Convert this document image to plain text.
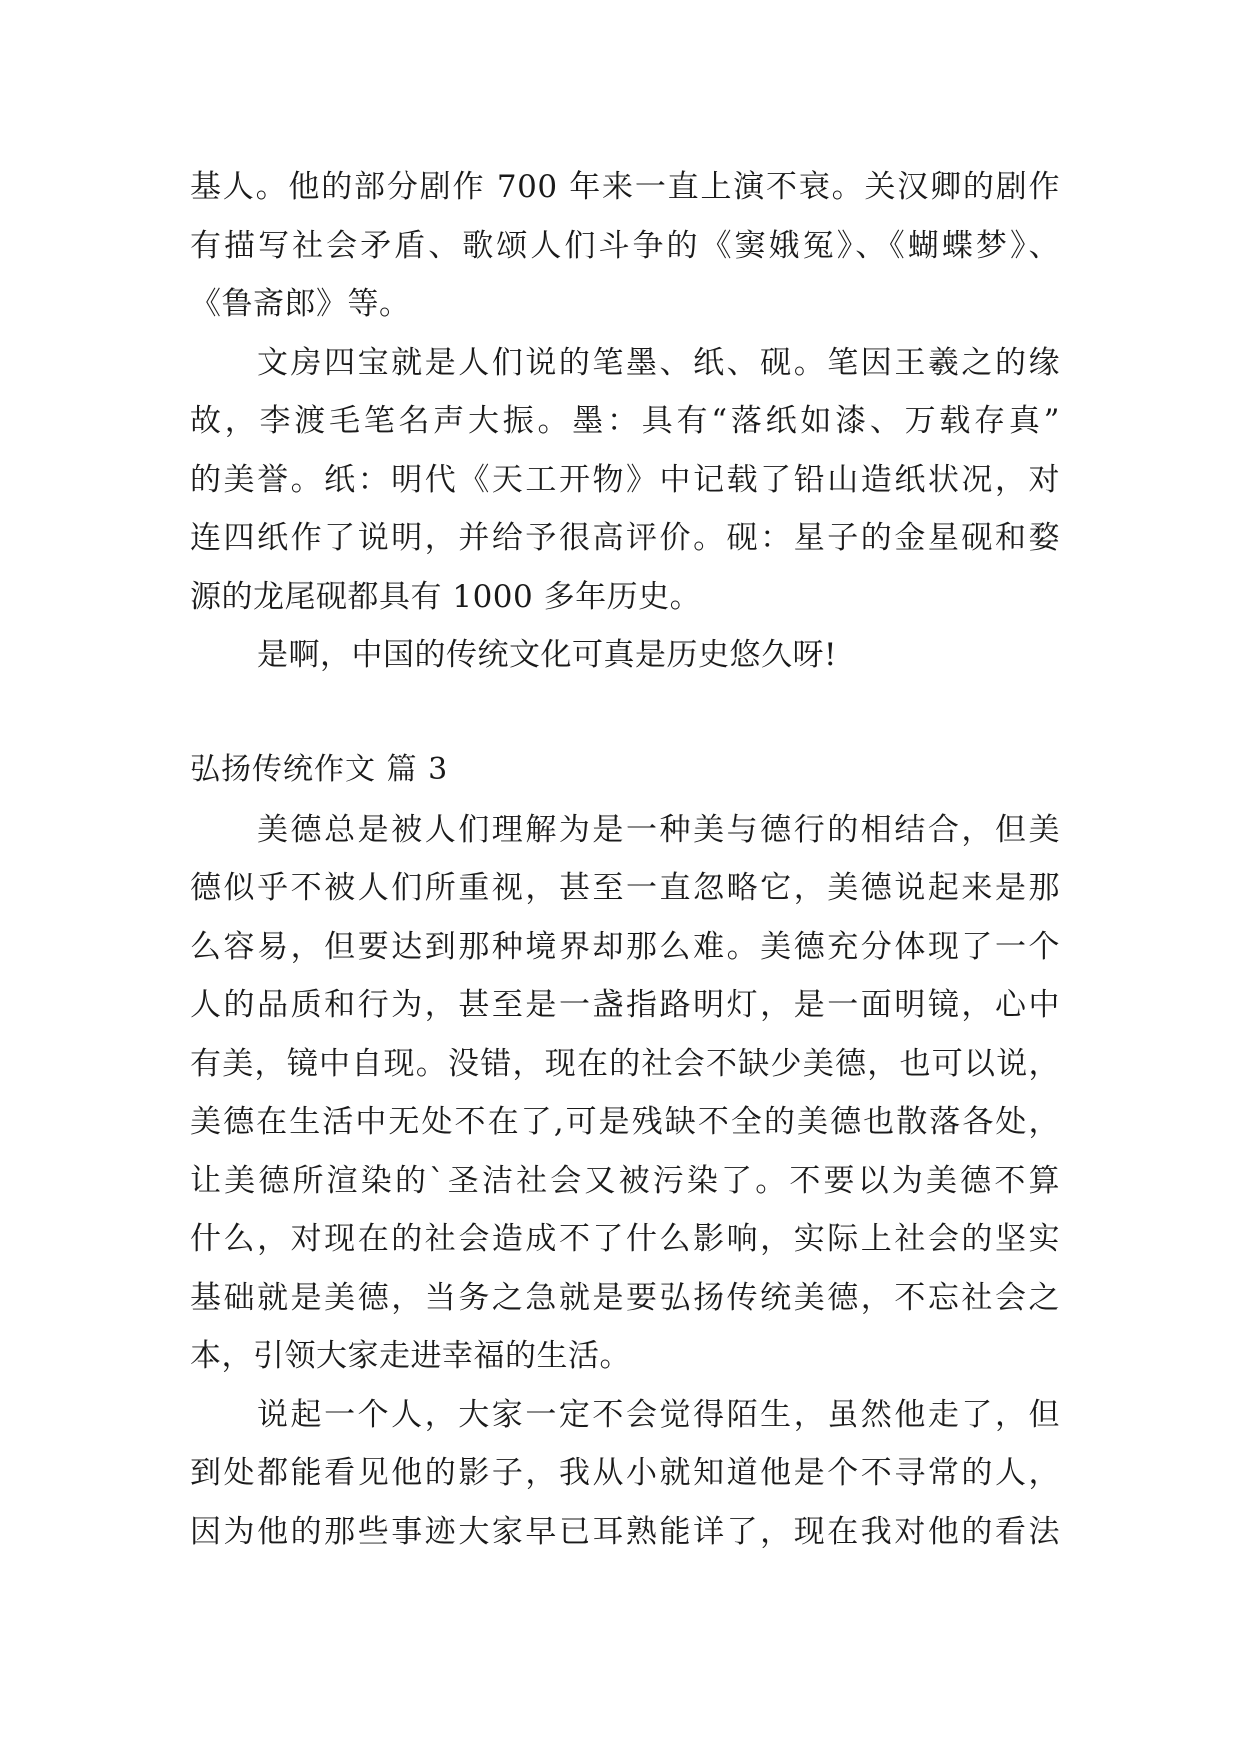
基人。他的部分剧作 700 年来一直上演不衰。关汉卿的剧作
有描写社会矛盾、歌颂人们斗争的《窦娥冤》、《蝴蝶梦》、
《鲁斋郎》等。
文房四宝就是人们说的笔墨、纸、砚。笔因王羲之的缘
故，李渡毛笔名声大振。墨：具有“落纸如漆、万载存真”
的美誉。纸：明代《天工开物》中记载了铅山造纸状况，对
连四纸作了说明，并给予很高评价。砚：星子的金星砚和婺
源的龙尾砚都具有 1000 多年历史。
是啊，中国的传统文化可真是历史悠久呀!
弘扬传统作文 篇 3
美德总是被人们理解为是一种美与德行的相结合，但美
德似乎不被人们所重视，甚至一直忽略它，美德说起来是那
么容易，但要达到那种境界却那么难。美德充分体现了一个
人的品质和行为，甚至是一盏指路明灯，是一面明镜，心中
有美，镜中自现。没错，现在的社会不缺少美德，也可以说，
美德在生活中无处不在了,可是残缺不全的美德也散落各处，
让美德所渲染的`圣洁社会又被污染了。不要以为美德不算
什么，对现在的社会造成不了什么影响，实际上社会的坚实
基础就是美德，当务之急就是要弘扬传统美德，不忘社会之
本，引领大家走进幸福的生活。
说起一个人，大家一定不会觉得陌生，虽然他走了，但
到处都能看见他的影子，我从小就知道他是个不寻常的人，
因为他的那些事迹大家早已耳熟能详了，现在我对他的看法
